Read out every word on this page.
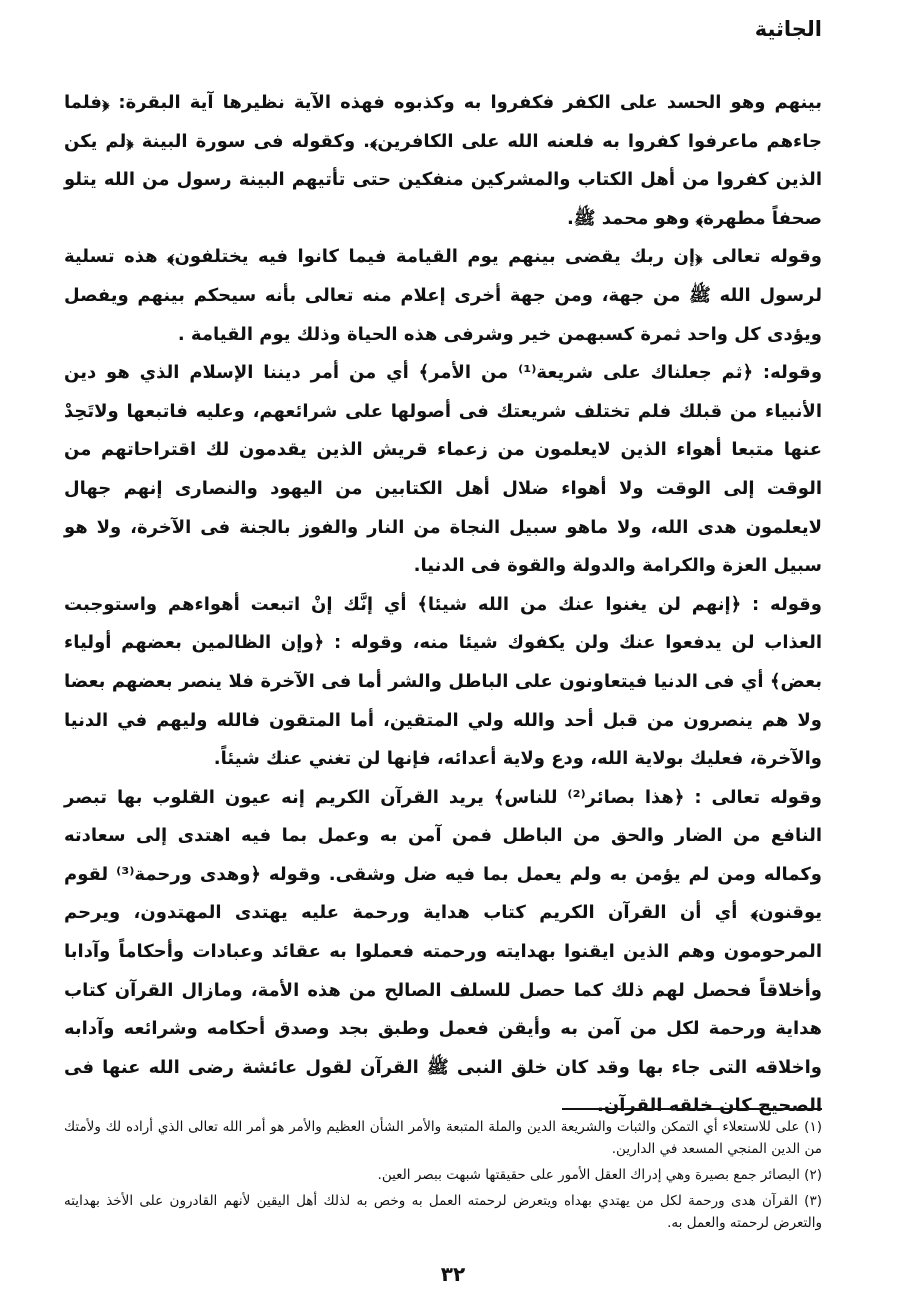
الجاثية

بينهم وهو الحسد على الكفر فكفروا به وكذبوه فهذه الآية نظيرها آية البقرة: ﴿فلما جاءهم ماعرفوا كفروا به فلعنه الله على الكافرين﴾. وكقوله فى سورة البينة ﴿لم يكن الذين كفروا من أهل الكتاب والمشركين منفكين حتى تأتيهم البينة رسول من الله يتلو صحفاً مطهرة﴾ وهو محمد ﷺ.

وقوله تعالى ﴿إن ربك يقضى بينهم يوم القيامة فيما كانوا فيه يختلفون﴾ هذه تسلية لرسول الله ﷺ من جهة، ومن جهة أخرى إعلام منه تعالى بأنه سيحكم بينهم ويفصل ويؤدى كل واحد ثمرة كسبهمن خير وشرفى هذه الحياة وذلك يوم القيامة .

وقوله: ﴿ثم جعلناك على شريعة⁽¹⁾ من الأمر﴾ أي من أمر ديننا الإسلام الذي هو دين الأنبياء من قبلك فلم تختلف شريعتك فى أصولها على شرائعهم، وعليه فاتبعها ولاتَحِدْ عنها متبعا أهواء الذين لايعلمون من زعماء قريش الذين يقدمون لك اقتراحاتهم من الوقت إلى الوقت ولا أهواء ضلال أهل الكتابين من اليهود والنصارى إنهم جهال لايعلمون هدى الله، ولا ماهو سبيل النجاة من النار والفوز بالجنة فى الآخرة، ولا هو سبيل العزة والكرامة والدولة والقوة فى الدنيا.

وقوله : ﴿إنهم لن يغنوا عنك من الله شيئا﴾ أي إنَّك إنْ اتبعت أهواءهم واستوجبت العذاب لن يدفعوا عنك ولن يكفوك شيئا منه، وقوله : ﴿وإن الظالمين بعضهم أولياء بعض﴾ أي فى الدنيا فيتعاونون على الباطل والشر أما فى الآخرة فلا ينصر بعضهم بعضا ولا هم ينصرون من قبل أحد والله ولي المتقين، أما المتقون فالله وليهم في الدنيا والآخرة، فعليك بولاية الله، ودع ولاية أعدائه، فإنها لن تغني عنك شيئاً.

وقوله تعالى : ﴿هذا بصائر⁽²⁾ للناس﴾ يريد القرآن الكريم إنه عيون القلوب بها تبصر النافع من الضار والحق من الباطل فمن آمن به وعمل بما فيه اهتدى إلى سعادته وكماله ومن لم يؤمن به ولم يعمل بما فيه ضل وشقى. وقوله ﴿وهدى ورحمة⁽³⁾ لقوم يوقنون﴾ أي أن القرآن الكريم كتاب هداية ورحمة عليه يهتدى المهتدون، ويرحم المرحومون وهم الذين ايقنوا بهدايته ورحمته فعملوا به عقائد وعبادات وأحكاماً وآدابا وأخلاقاً فحصل لهم ذلك كما حصل للسلف الصالح من هذه الأمة، ومازال القرآن كتاب هداية ورحمة لكل من آمن به وأيقن فعمل وطبق بجد وصدق أحكامه وشرائعه وآدابه واخلاقه التى جاء بها وقد كان خلق النبى ﷺ القرآن لقول عائشة رضى الله عنها فى الصحيح كان خلقه القرآن.

(١) على للاستعلاء أي التمكن والثبات والشريعة الدين والملة المتبعة والأمر الشأن العظيم والأمر هو أمر الله تعالى الذي أراده لك ولأمتك من الدين المنجي المسعد في الدارين.

(٢) البصائر جمع بصيرة وهي إدراك العقل الأمور على حقيقتها شبهت ببصر العين.

(٣) القرآن هدى ورحمة لكل من يهتدي بهداه ويتعرض لرحمته العمل به وخص به لذلك أهل اليقين لأنهم القادرون على الأخذ بهدايته والتعرض لرحمته والعمل به.

٣٢
